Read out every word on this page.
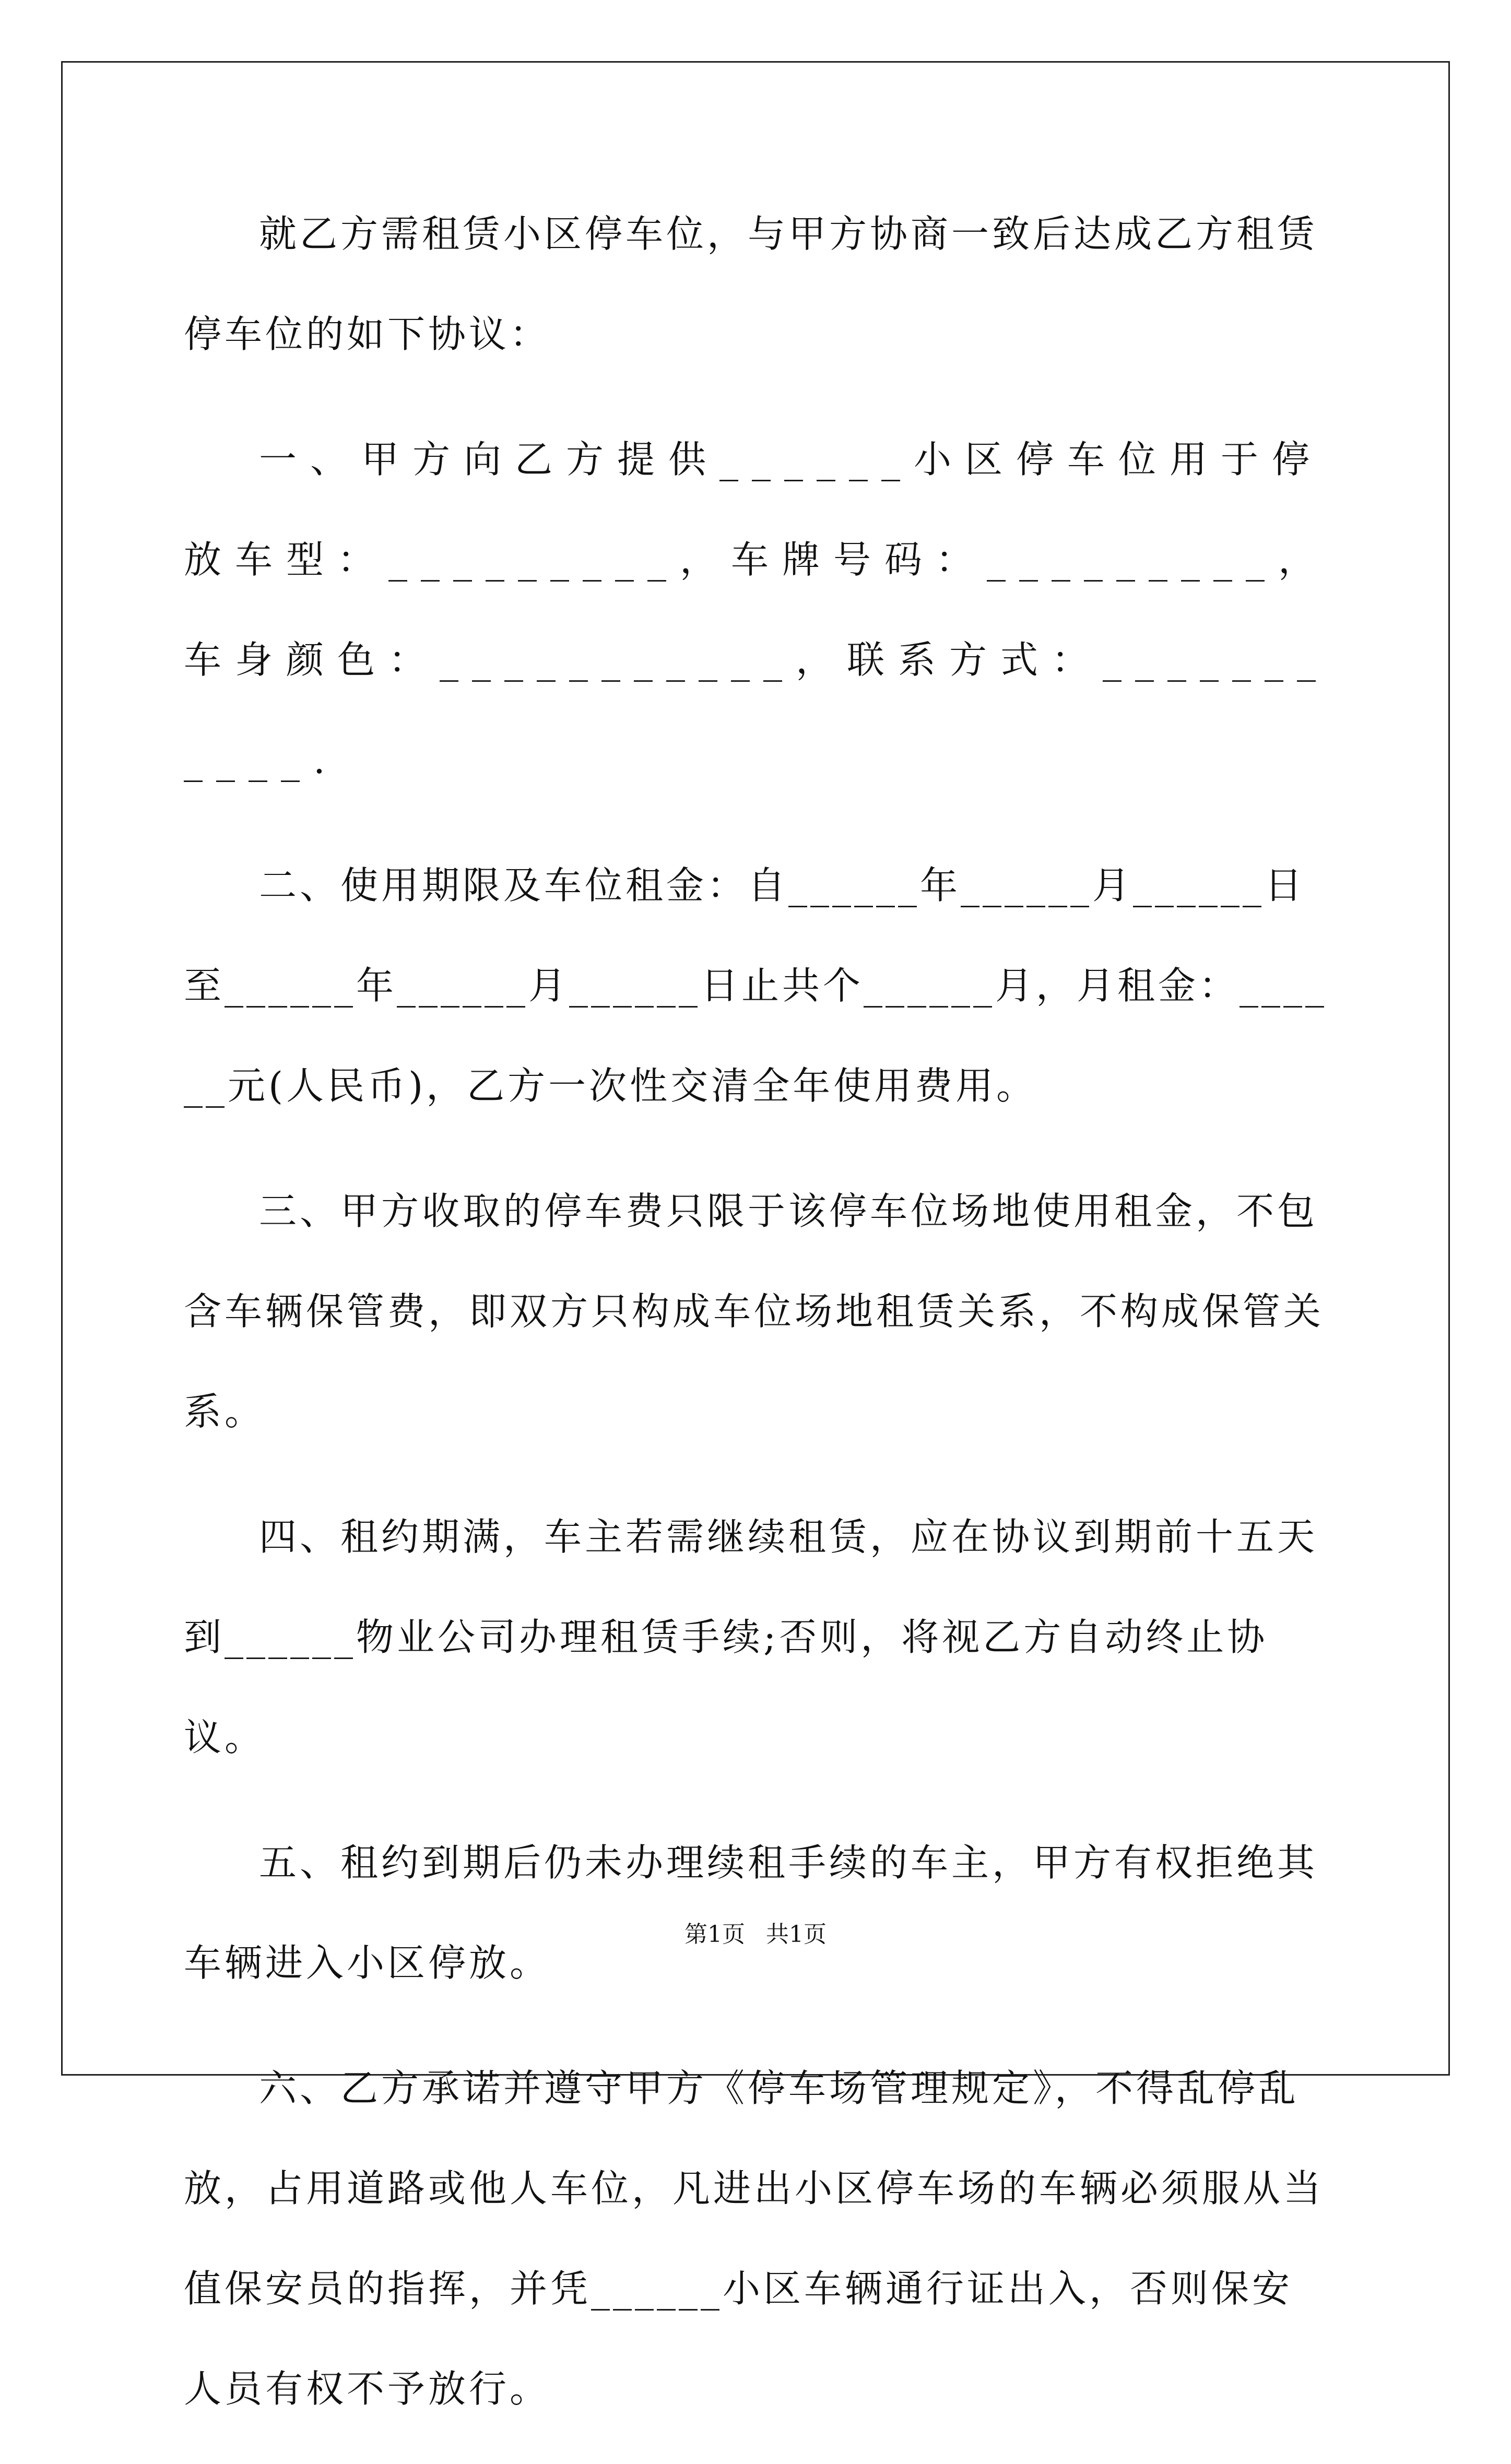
就乙方需租赁小区停车位，与甲方协商一致后达成乙方租赁停车位的如下协议：

一、甲方向乙方提供______小区停车位用于停放车型：_________，车牌号码：_________，车身颜色：___________，联系方式：___________.

二、使用期限及车位租金：自______年______月______日至______年______月______日止共个______月，月租金：______元(人民币)，乙方一次性交清全年使用费用。

三、甲方收取的停车费只限于该停车位场地使用租金，不包含车辆保管费，即双方只构成车位场地租赁关系，不构成保管关系。

四、租约期满，车主若需继续租赁，应在协议到期前十五天到______物业公司办理租赁手续;否则，将视乙方自动终止协议。

五、租约到期后仍未办理续租手续的车主，甲方有权拒绝其车辆进入小区停放。

六、乙方承诺并遵守甲方《停车场管理规定》，不得乱停乱放，占用道路或他人车位，凡进出小区停车场的车辆必须服从当值保安员的指挥，并凭______小区车辆通行证出入，否则保安人员有权不予放行。

第1页 共1页
